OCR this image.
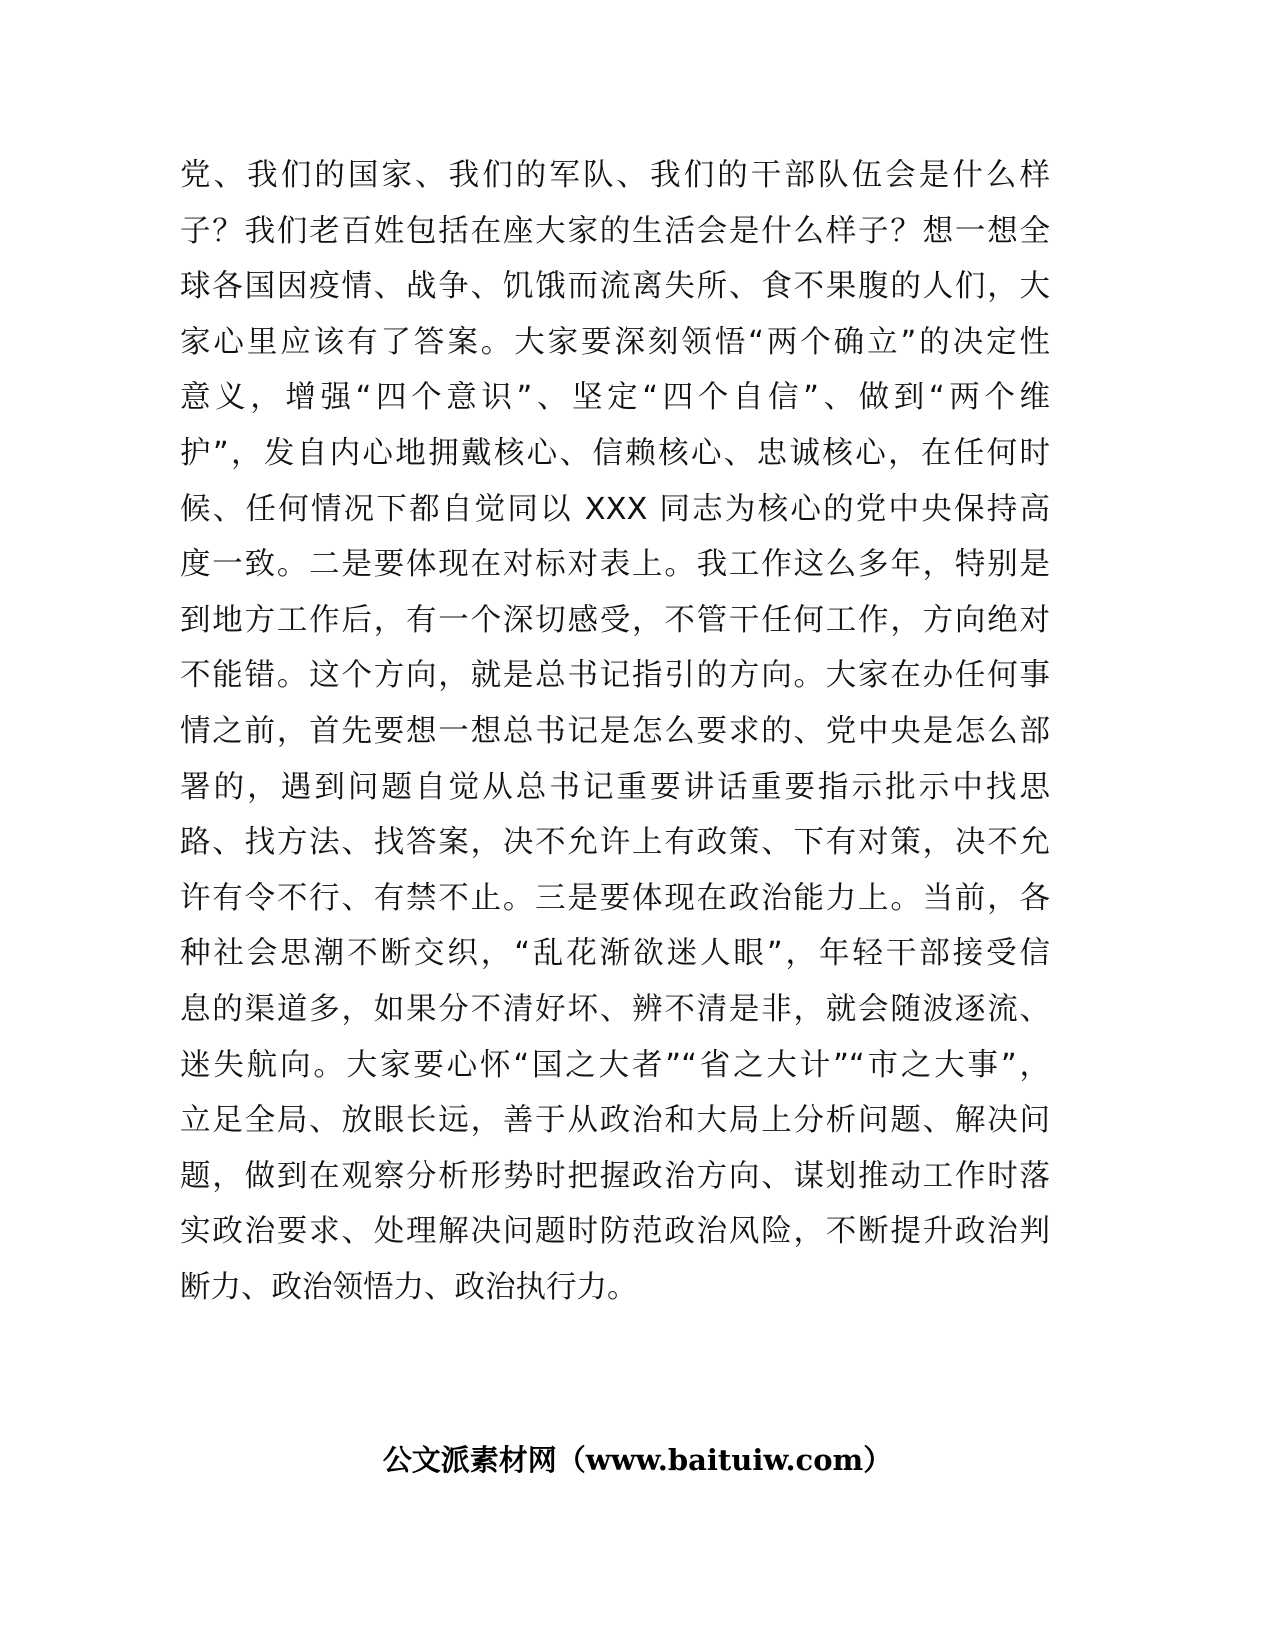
党、我们的国家、我们的军队、我们的干部队伍会是什么样
子？我们老百姓包括在座大家的生活会是什么样子？想一想全
球各国因疫情、战争、饥饿而流离失所、食不果腹的人们，大
家心里应该有了答案。大家要深刻领悟“两个确立”的决定性
意义，增强“四个意识”、坚定“四个自信”、做到“两个维
护”，发自内心地拥戴核心、信赖核心、忠诚核心，在任何时
候、任何情况下都自觉同以 XXX 同志为核心的党中央保持高
度一致。二是要体现在对标对表上。我工作这么多年，特别是
到地方工作后，有一个深切感受，不管干任何工作，方向绝对
不能错。这个方向，就是总书记指引的方向。大家在办任何事
情之前，首先要想一想总书记是怎么要求的、党中央是怎么部
署的，遇到问题自觉从总书记重要讲话重要指示批示中找思
路、找方法、找答案，决不允许上有政策、下有对策，决不允
许有令不行、有禁不止。三是要体现在政治能力上。当前，各
种社会思潮不断交织，“乱花渐欲迷人眼”，年轻干部接受信
息的渠道多，如果分不清好坏、辨不清是非，就会随波逐流、
迷失航向。大家要心怀“国之大者”“省之大计”“市之大事”，
立足全局、放眼长远，善于从政治和大局上分析问题、解决问
题，做到在观察分析形势时把握政治方向、谋划推动工作时落
实政治要求、处理解决问题时防范政治风险，不断提升政治判
断力、政治领悟力、政治执行力。
公文派素材网（www.baituiw.com）
